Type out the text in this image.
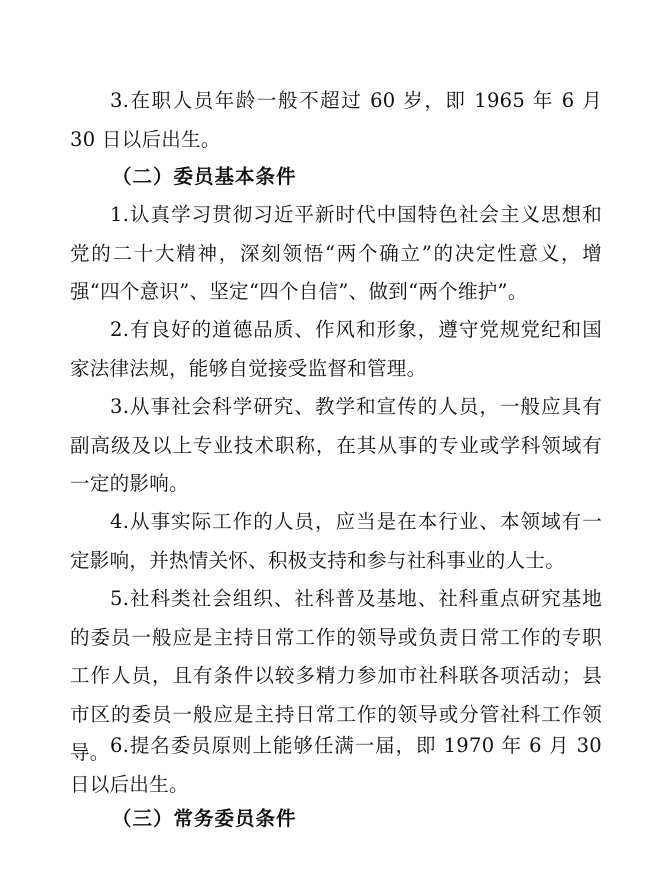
3.在职人员年龄一般不超过 60 岁，即 1965 年 6 月 30 日以后出生。

（二）委员基本条件

1.认真学习贯彻习近平新时代中国特色社会主义思想和党的二十大精神，深刻领悟“两个确立”的决定性意义，增强“四个意识”、坚定“四个自信”、做到“两个维护”。

2.有良好的道德品质、作风和形象，遵守党规党纪和国家法律法规，能够自觉接受监督和管理。

3.从事社会科学研究、教学和宣传的人员，一般应具有副高级及以上专业技术职称，在其从事的专业或学科领域有一定的影响。

4.从事实际工作的人员，应当是在本行业、本领域有一定影响，并热情关怀、积极支持和参与社科事业的人士。

5.社科类社会组织、社科普及基地、社科重点研究基地的委员一般应是主持日常工作的领导或负责日常工作的专职工作人员，且有条件以较多精力参加市社科联各项活动；县市区的委员一般应是主持日常工作的领导或分管社科工作领导。 6.提名委员原则上能够任满一届，即 1970 年 6 月 30 日以后出生。

（三）常务委员条件
